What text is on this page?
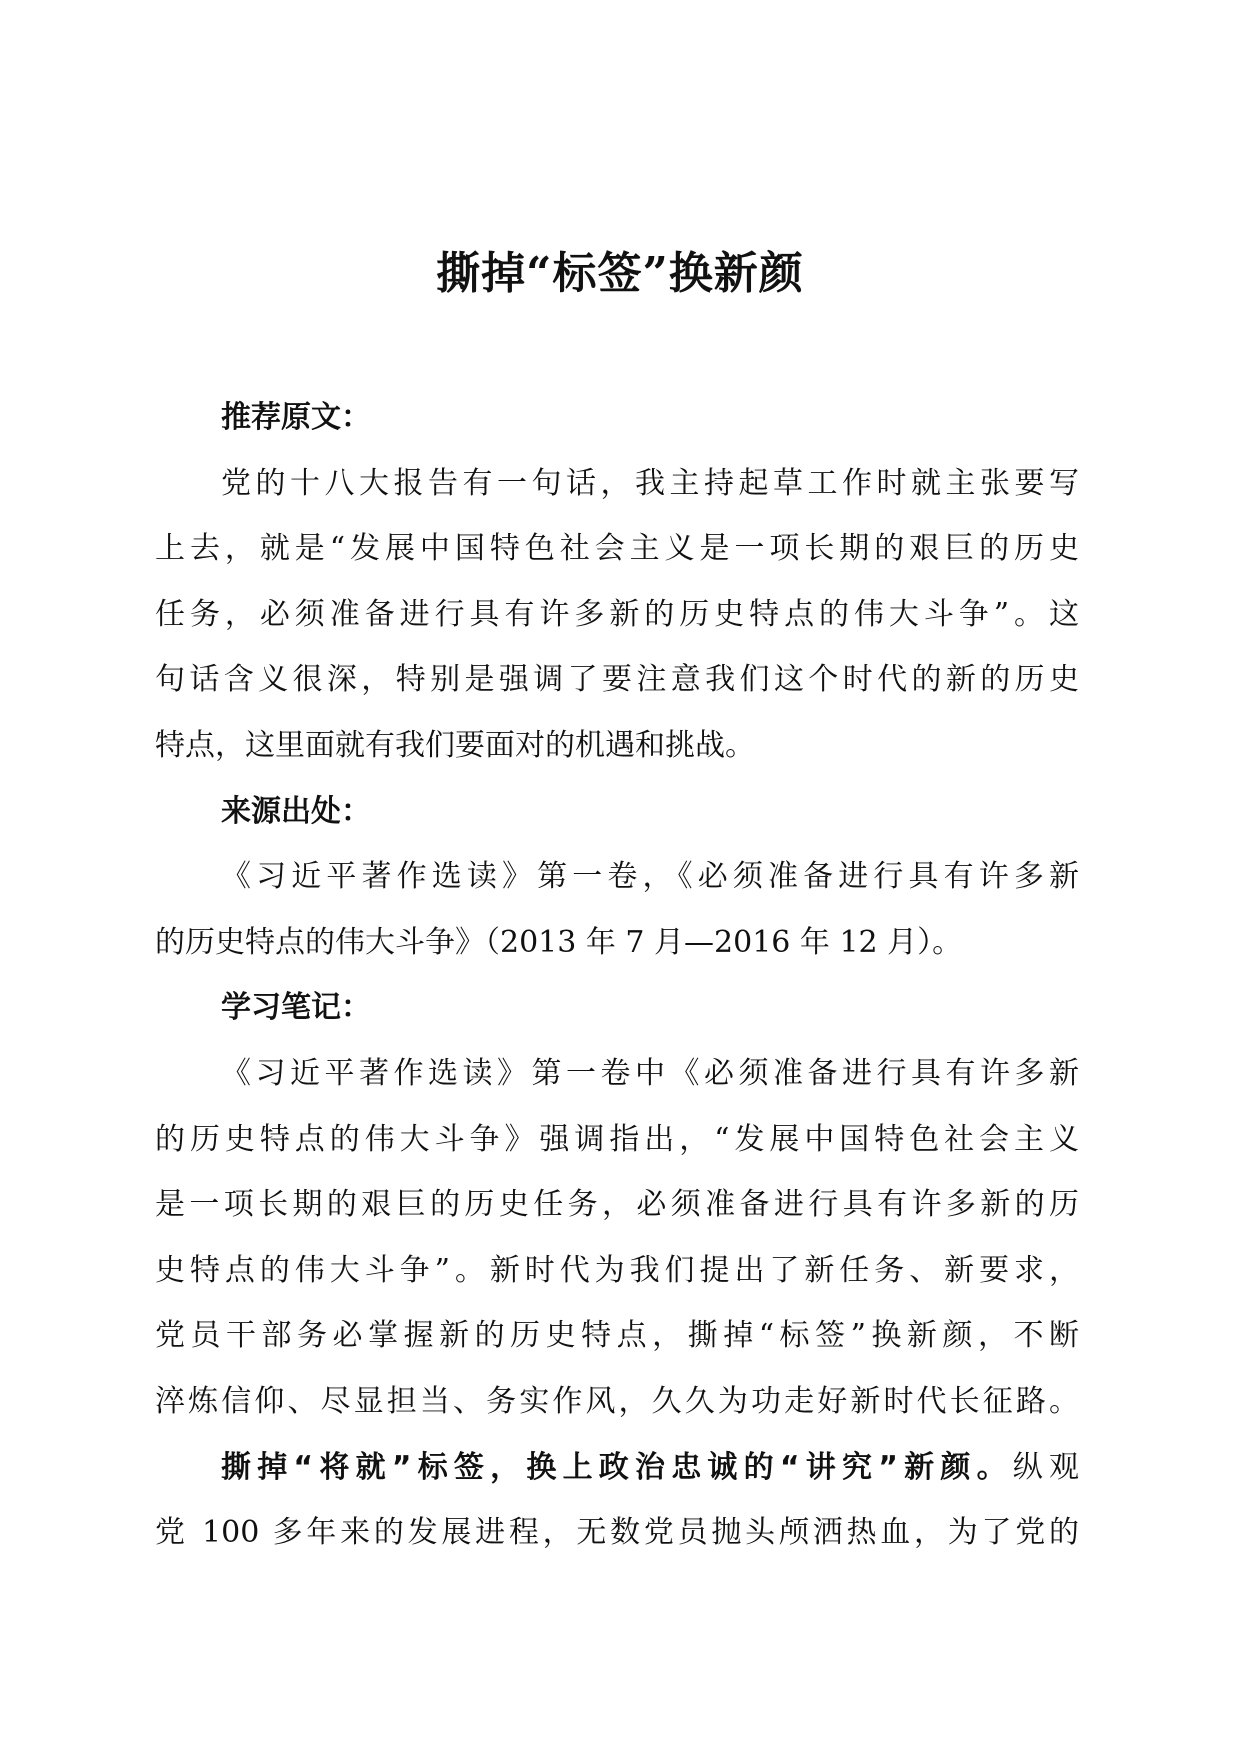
撕掉“标签”换新颜
推荐原文：
党的十八大报告有一句话，我主持起草工作时就主张要写
上去，就是“发展中国特色社会主义是一项长期的艰巨的历史
任务，必须准备进行具有许多新的历史特点的伟大斗争”。这
句话含义很深，特别是强调了要注意我们这个时代的新的历史
特点，这里面就有我们要面对的机遇和挑战。
来源出处：
《习近平著作选读》第一卷，《必须准备进行具有许多新
的历史特点的伟大斗争》（2013 年 7 月—2016 年 12 月）。
学习笔记：
《习近平著作选读》第一卷中《必须准备进行具有许多新
的历史特点的伟大斗争》强调指出，“发展中国特色社会主义
是一项长期的艰巨的历史任务，必须准备进行具有许多新的历
史特点的伟大斗争”。新时代为我们提出了新任务、新要求，
党员干部务必掌握新的历史特点，撕掉“标签”换新颜，不断
淬炼信仰、尽显担当、务实作风，久久为功走好新时代长征路。
撕掉“将就”标签，换上政治忠诚的“讲究”新颜。纵观
党 100 多年来的发展进程，无数党员抛头颅洒热血，为了党的
